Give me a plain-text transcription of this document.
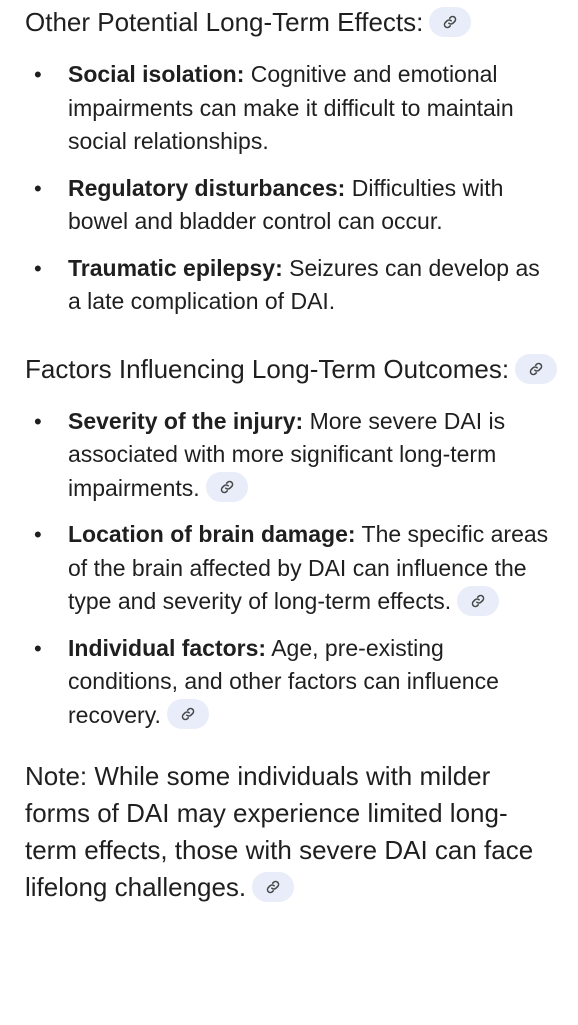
Other Potential Long-Term Effects:
• Social isolation: Cognitive and emotional impairments can make it difficult to maintain social relationships.
• Regulatory disturbances: Difficulties with bowel and bladder control can occur.
• Traumatic epilepsy: Seizures can develop as a late complication of DAI.
Factors Influencing Long-Term Outcomes:
• Severity of the injury: More severe DAI is associated with more significant long-term impairments.
• Location of brain damage: The specific areas of the brain affected by DAI can influence the type and severity of long-term effects.
• Individual factors: Age, pre-existing conditions, and other factors can influence recovery.

Note: While some individuals with milder forms of DAI may experience limited long-term effects, those with severe DAI can face lifelong challenges.
